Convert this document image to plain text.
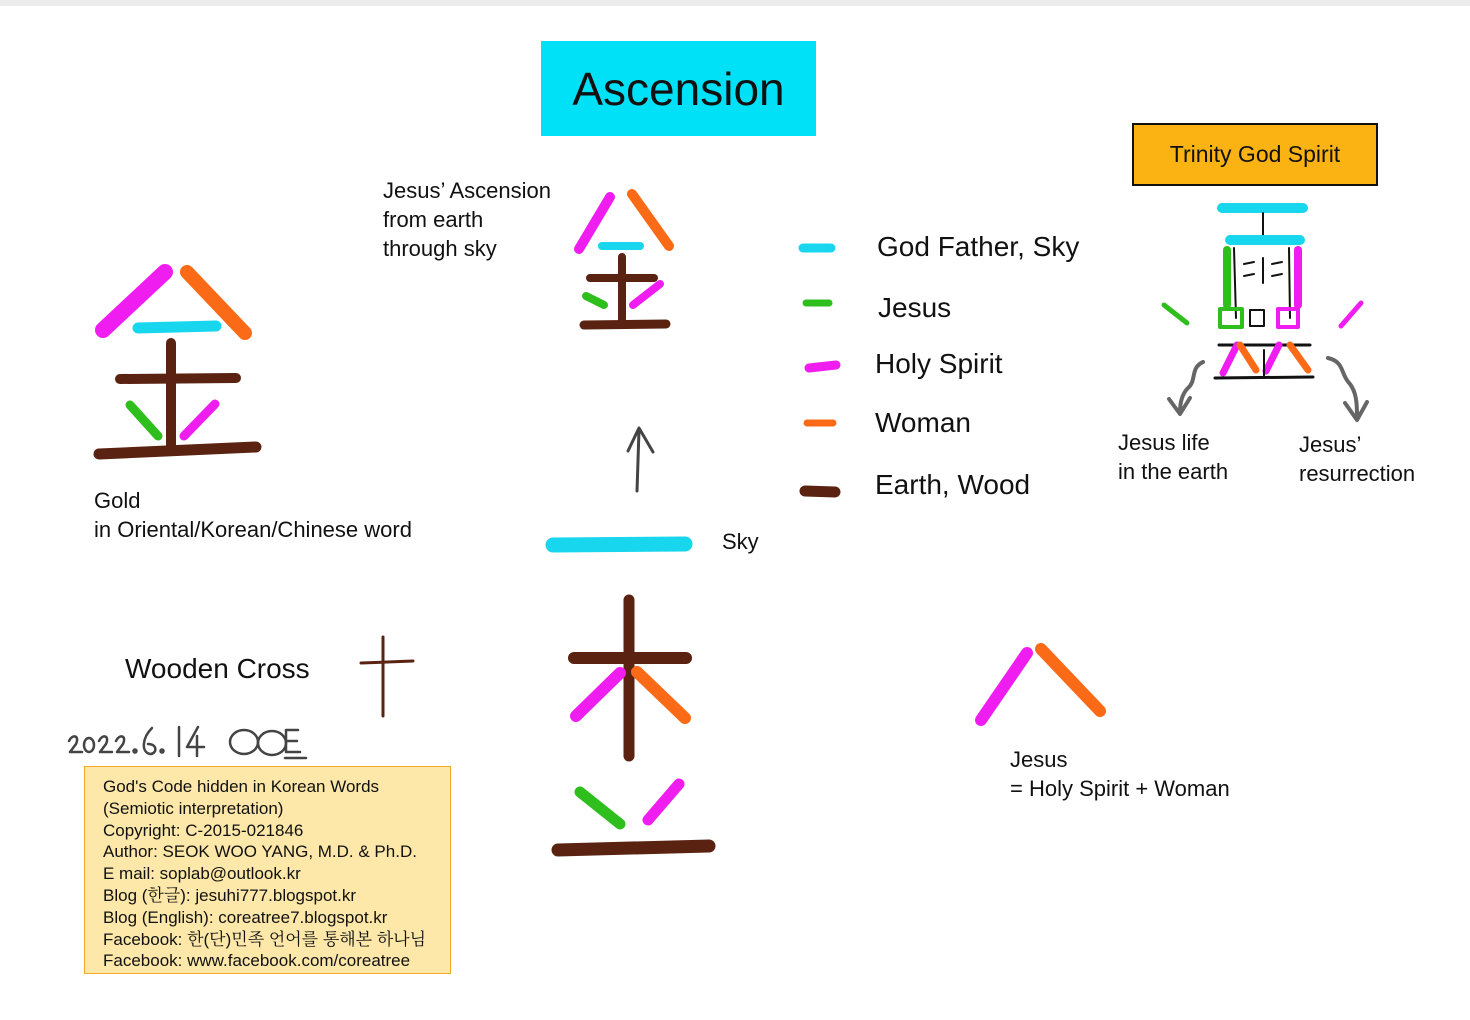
Ascension
Trinity God Spirit
Jesus’ Ascension
from earth
through sky
Gold
in Oriental/Korean/Chinese word	Sky
Wooden Cross
God Father, Sky
Jesus
Holy Spirit
Woman
Earth, Wood
Jesus life
in the earth
Jesus’
resurrection
Jesus
= Holy Spirit + Woman
God's Code hidden in Korean Words
(Semiotic interpretation)
Copyright: C-2015-021846
Author: SEOK WOO YANG, M.D. & Ph.D.
E mail: soplab@outlook.kr
Blog (한글): jesuhi777.blogspot.kr
Blog (English): coreatree7.blogspot.kr
Facebook: 한(단)민족 언어를 통해본 하나님
Facebook: www.facebook.com/coreatree
